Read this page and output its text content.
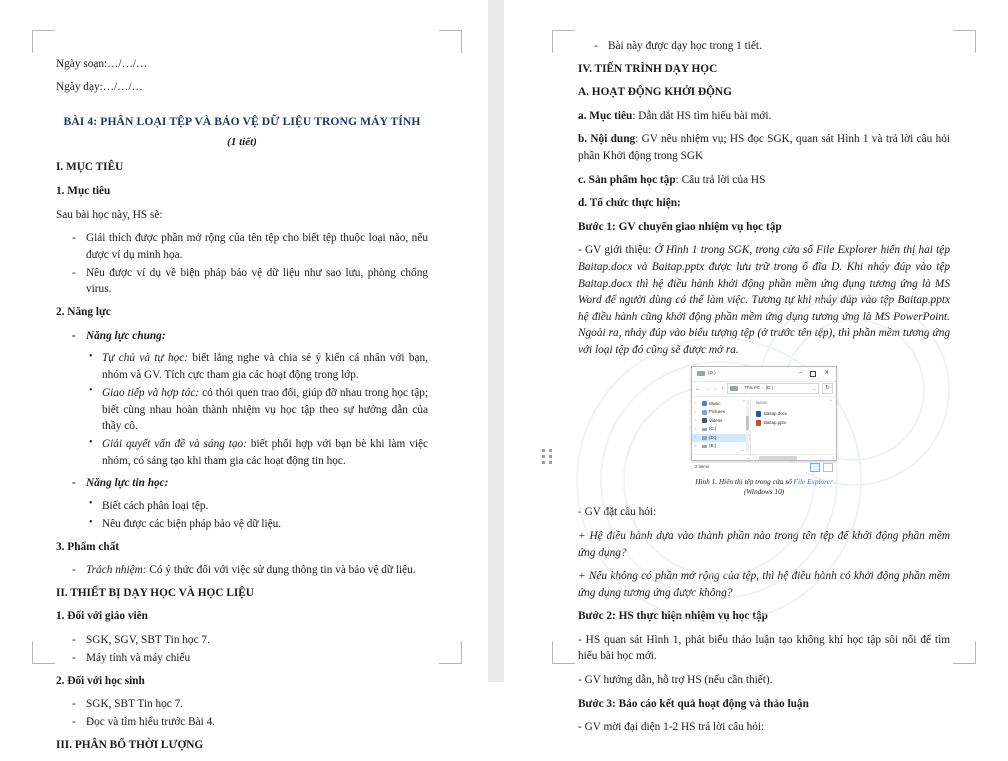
Ngày soạn:…/…/…

Ngày dạy:…/…/…

BÀI 4: PHÂN LOẠI TỆP VÀ BẢO VỆ DỮ LIỆU TRONG MÁY TÍNH

(1 tiết)

I. MỤC TIÊU

1. Mục tiêu

Sau bài học này, HS sẽ:

- Giải thích được phần mở rộng của tên tệp cho biết tệp thuộc loại nào, nếu được ví dụ minh họa.
- Nêu được ví dụ về biện pháp bảo vệ dữ liệu như sao lưu, phòng chống virus.

2. Năng lực

- Năng lực chung:
• Tự chủ và tự học: biết lắng nghe và chia sẻ ý kiến cá nhân với bạn, nhóm và GV. Tích cực tham gia các hoạt động trong lớp.
• Giao tiếp và hợp tác: có thói quen trao đổi, giúp đỡ nhau trong học tập; biết cùng nhau hoàn thành nhiệm vụ học tập theo sự hướng dẫn của thầy cô.
• Giải quyết vấn đề và sáng tạo: biết phối hợp với bạn bè khi làm việc nhóm, có sáng tạo khi tham gia các hoạt động tin học.
- Năng lực tin học:
• Biết cách phân loại tệp.
• Nêu được các biện pháp bảo vệ dữ liệu.

3. Phẩm chất

- Trách nhiệm: Có ý thức đối với việc sử dụng thông tin và bảo vệ dữ liệu.

II. THIẾT BỊ DẠY HỌC VÀ HỌC LIỆU

1. Đối với giáo viên

- SGK, SGV, SBT Tin học 7.
- Máy tính và máy chiếu

2. Đối với học sinh

- SGK, SBT Tin học 7.
- Đọc và tìm hiểu trước Bài 4.

III. PHÂN BỔ THỜI LƯỢNG

- Bài này được dạy học trong 1 tiết.

IV. TIẾN TRÌNH DẠY HỌC

A. HOẠT ĐỘNG KHỞI ĐỘNG

a. Mục tiêu: Dẫn dắt HS tìm hiểu bài mới.

b. Nội dung: GV nêu nhiệm vụ; HS đọc SGK, quan sát Hình 1 và trả lời câu hỏi phần Khởi động trong SGK

c. Sản phẩm học tập: Câu trả lời của HS

d. Tổ chức thực hiện:

Bước 1: GV chuyển giao nhiệm vụ học tập

- GV giới thiệu: Ở Hình 1 trong SGK, trong cửa sổ File Explorer hiển thị hai tệp Baitap.docx và Baitap.pptx được lưu trữ trong ổ đĩa D. Khi nháy đúp vào tệp Baitap.docx thì hệ điều hành khởi động phần mềm ứng dụng tương ứng là MS Word để người dùng có thể làm việc. Tương tự khi nháy đúp vào tệp Baitap.pptx hệ điều hành cũng khởi động phần mềm ứng dụng tương ứng là MS PowerPoint. Ngoài ra, nháy đúp vào biểu tượng tệp (ở trước tên tệp), thì phần mềm tương ứng với loại tệp đó cũng sẽ được mở ra.

(D:)	–	✕
← → ⌄ ↑	› This PC › (D:)	⌄	↻
›	Music
›	Pictures
›	Videos
›	(C:)
›	(D:)
›	(E:)
^
⌄
Name
Baitap.docx
Baitap.pptx
^
⌄ ‹	›
2 items
Hình 1. Hiển thị tệp trong cửa sổ File Explorer
(Windows 10)

- GV đặt câu hỏi:

+ Hệ điều hành dựa vào thành phần nào trong tên tệp để khởi động phần mềm ứng dụng?

+ Nếu không có phần mở rộng của tệp, thì hệ điều hành có khởi động phần mềm ứng dụng tương ứng được không?

Bước 2: HS thực hiện nhiệm vụ học tập

- HS quan sát Hình 1, phát biểu thảo luận tạo không khí học tập sôi nổi để tìm hiểu bài học mới.

- GV hướng dẫn, hỗ trợ HS (nếu cần thiết).

Bước 3: Báo cáo kết quả hoạt động và thảo luận

- GV mời đại diện 1-2 HS trả lời câu hỏi:
